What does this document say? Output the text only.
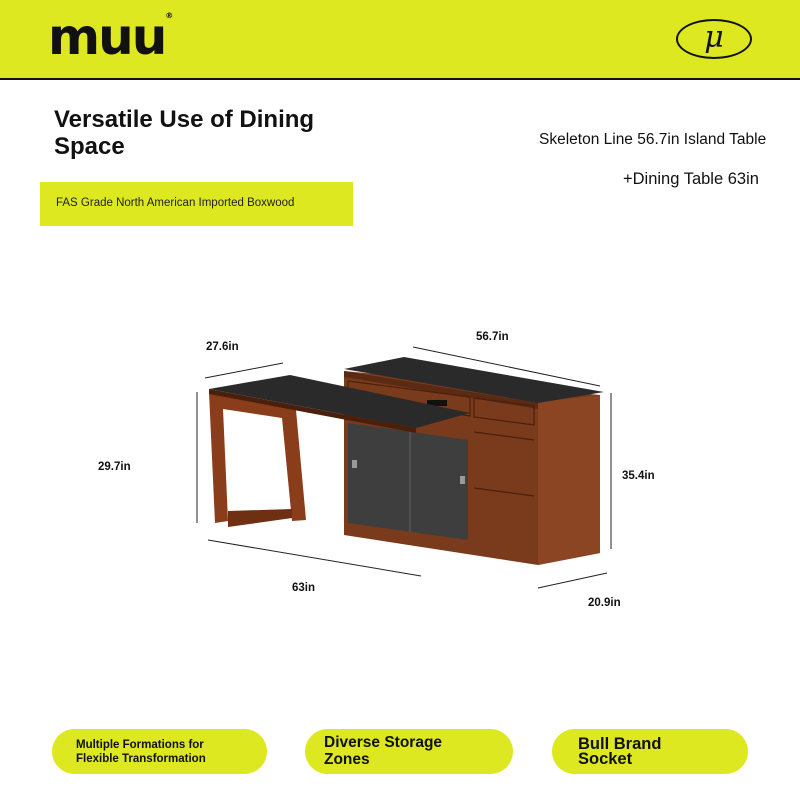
muu®
μ
Versatile Use of Dining Space
FAS Grade North American Imported Boxwood
Skeleton Line 56.7in Island Table
+Dining Table 63in
27.6in
56.7in
29.7in
35.4in
63in
20.9in
Multiple Formations for Flexible Transformation
Diverse Storage Zones
Bull Brand Socket
